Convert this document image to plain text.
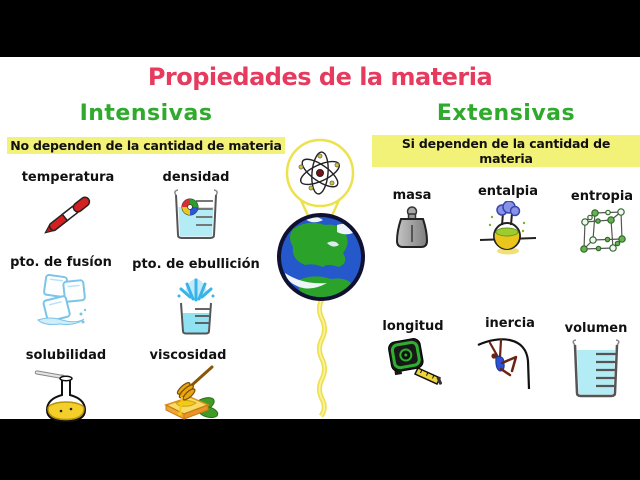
Propiedades de la materia
Intensivas	Extensivas
No dependen de la cantidad de materia	Si dependen de la cantidad de materia
temperatura	densidad
pto. de fusíon	pto. de ebullición
solubilidad	viscosidad
masa	entalpia	entropia
longitud	inercia	volumen
